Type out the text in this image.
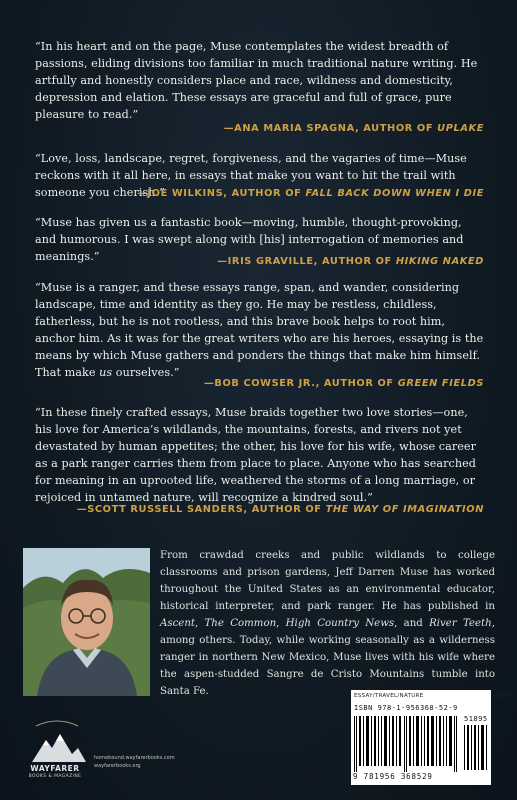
“In his heart and on the page, Muse contemplates the widest breadth of passions, eliding divisions too familiar in much traditional nature writing. He artfully and honestly considers place and race, wildness and domesticity, depression and elation. These essays are graceful and full of grace, pure pleasure to read.”
—ANA MARIA SPAGNA, AUTHOR OF UPLAKE
“Love, loss, landscape, regret, forgiveness, and the vagaries of time—Muse reckons with it all here, in essays that make you want to hit the trail with someone you cherish.”
—JOE WILKINS, AUTHOR OF FALL BACK DOWN WHEN I DIE
“Muse has given us a fantastic book—moving, humble, thought-provoking, and humorous. I was swept along with [his] interrogation of memories and meanings.”	—IRIS GRAVILLE, AUTHOR OF HIKING NAKED
“Muse is a ranger, and these essays range, span, and wander, considering landscape, time and identity as they go. He may be restless, childless, fatherless, but he is not rootless, and this brave book helps to root him, anchor him. As it was for the great writers who are his heroes, essaying is the means by which Muse gathers and ponders the things that make him himself. That make us ourselves.”
—BOB COWSER JR., AUTHOR OF GREEN FIELDS
“In these finely crafted essays, Muse braids together two love stories—one, his love for America’s wildlands, the mountains, forests, and rivers not yet devastated by human appetites; the other, his love for his wife, whose career as a park ranger carries them from place to place. Anyone who has searched for meaning in an uprooted life, weathered the storms of a long marriage, or rejoiced in untamed nature, will recognize a kindred soul.”
—SCOTT RUSSELL SANDERS, AUTHOR OF THE WAY OF IMAGINATION
From crawdad creeks and public wildlands to college classrooms and prison gardens, Jeff Darren Muse has worked throughout the United States as an environmental educator, historical interpreter, and park ranger. He has published in Ascent, The Common, High Country News, and River Teeth, among others. Today, while working seasonally as a wilderness ranger in northern New Mexico, Muse lives with his wife where the aspen-studded Sangre de Cristo Mountains tumble into Santa Fe.
ISBN 978-1-956368-52-9
9 781956 368529
51895
ESSAY/TRAVEL/NATURE	$18.95
WAYFARER
BOOKS & MAGAZINE
homebound.wayfarerbooks.com
wayfarerbooks.org
